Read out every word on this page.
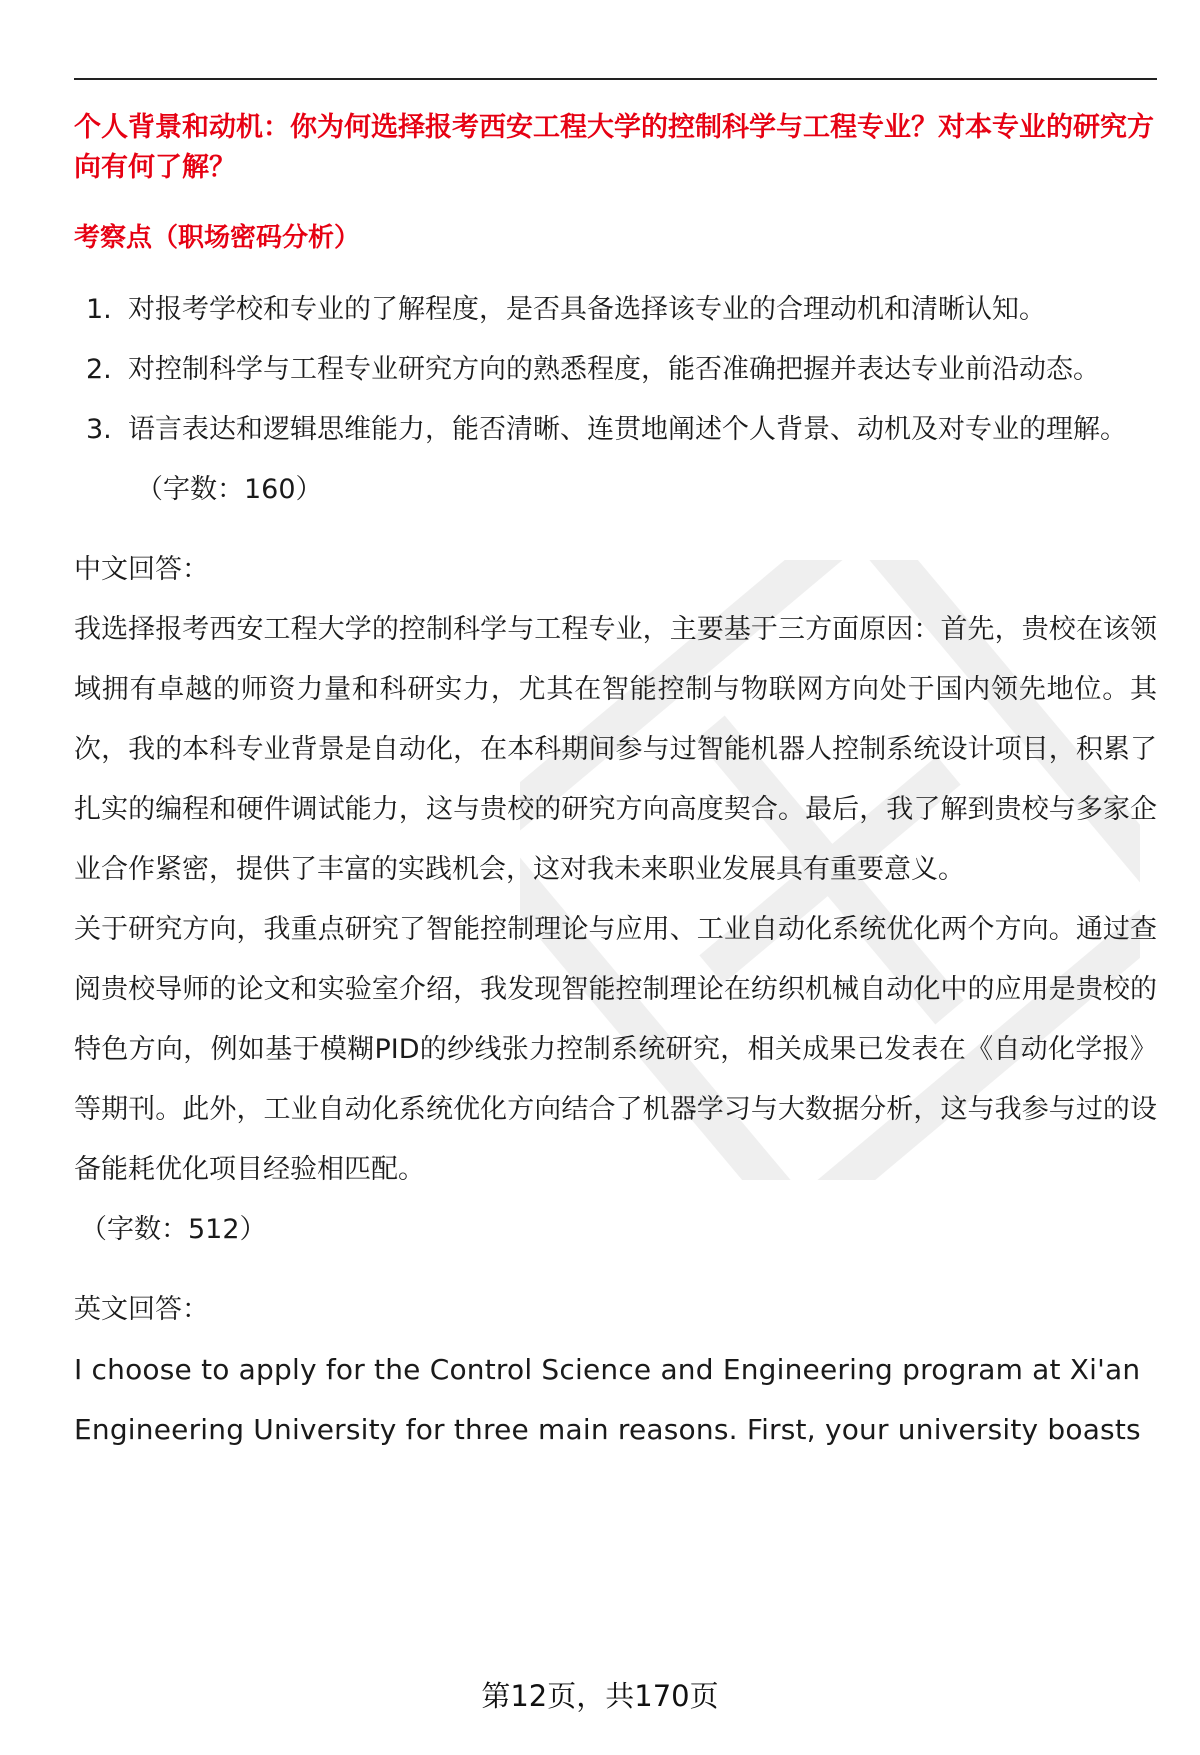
个人背景和动机：你为何选择报考西安工程大学的控制科学与工程专业？对本专业的研究方向有何了解？
考察点（职场密码分析）
1. 对报考学校和专业的了解程度，是否具备选择该专业的合理动机和清晰认知。
2. 对控制科学与工程专业研究方向的熟悉程度，能否准确把握并表达专业前沿动态。
3. 语言表达和逻辑思维能力，能否清晰、连贯地阐述个人背景、动机及对专业的理解。
（字数：160）
中文回答：

我选择报考西安工程大学的控制科学与工程专业，主要基于三方面原因：首先，贵校在该领域拥有卓越的师资力量和科研实力，尤其在智能控制与物联网方向处于国内领先地位。其次，我的本科专业背景是自动化，在本科期间参与过智能机器人控制系统设计项目，积累了扎实的编程和硬件调试能力，这与贵校的研究方向高度契合。最后，我了解到贵校与多家企业合作紧密，提供了丰富的实践机会，这对我未来职业发展具有重要意义。

关于研究方向，我重点研究了智能控制理论与应用、工业自动化系统优化两个方向。通过查阅贵校导师的论文和实验室介绍，我发现智能控制理论在纺织机械自动化中的应用是贵校的特色方向，例如基于模糊PID的纱线张力控制系统研究，相关成果已发表在《自动化学报》等期刊。此外，工业自动化系统优化方向结合了机器学习与大数据分析，这与我参与过的设备能耗优化项目经验相匹配。

（字数：512）
英文回答：

I choose to apply for the Control Science and Engineering program at Xi'an Engineering University for three main reasons. First, your university boasts

第12页，共170页
